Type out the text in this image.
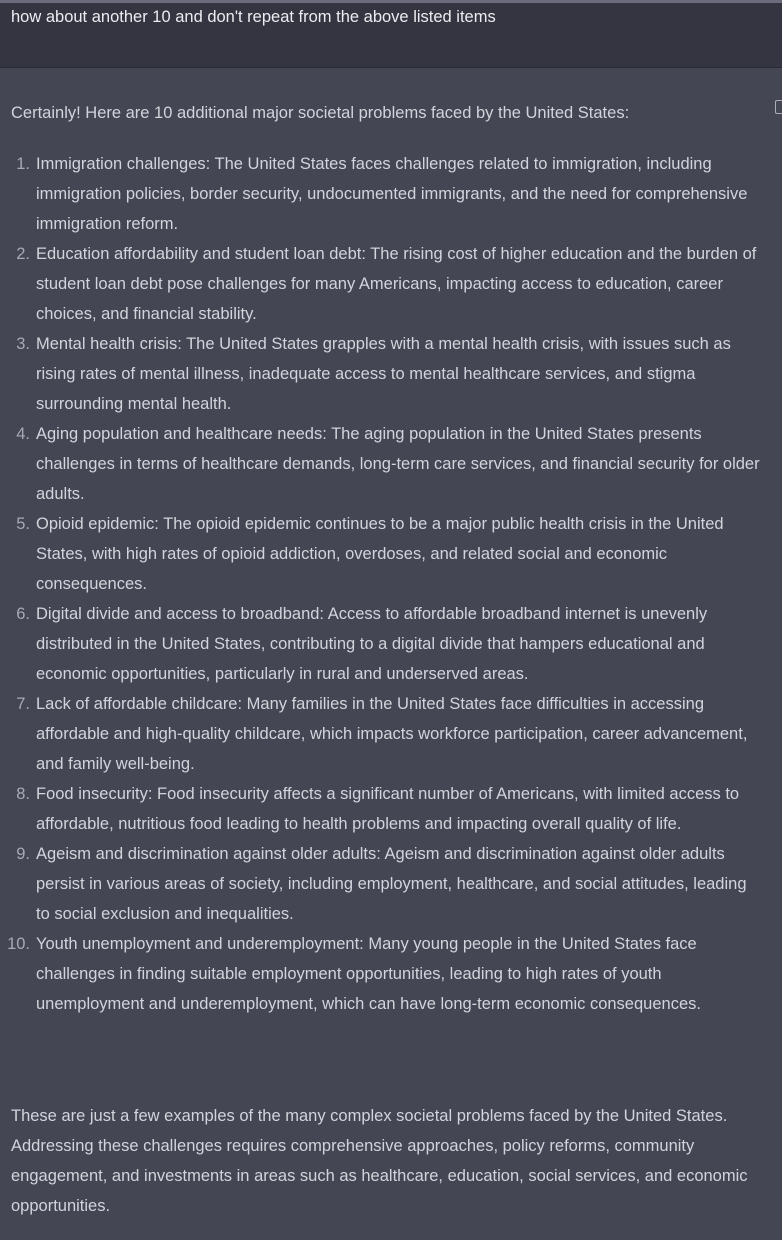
how about another 10 and don't repeat from the above listed items
Certainly! Here are 10 additional major societal problems faced by the United States:
1. Immigration challenges: The United States faces challenges related to immigration, including immigration policies, border security, undocumented immigrants, and the need for comprehensive immigration reform.
2. Education affordability and student loan debt: The rising cost of higher education and the burden of student loan debt pose challenges for many Americans, impacting access to education, career choices, and financial stability.
3. Mental health crisis: The United States grapples with a mental health crisis, with issues such as rising rates of mental illness, inadequate access to mental healthcare services, and stigma surrounding mental health.
4. Aging population and healthcare needs: The aging population in the United States presents challenges in terms of healthcare demands, long-term care services, and financial security for older adults.
5. Opioid epidemic: The opioid epidemic continues to be a major public health crisis in the United States, with high rates of opioid addiction, overdoses, and related social and economic consequences.
6. Digital divide and access to broadband: Access to affordable broadband internet is unevenly distributed in the United States, contributing to a digital divide that hampers educational and economic opportunities, particularly in rural and underserved areas.
7. Lack of affordable childcare: Many families in the United States face difficulties in accessing affordable and high-quality childcare, which impacts workforce participation, career advancement, and family well-being.
8. Food insecurity: Food insecurity affects a significant number of Americans, with limited access to affordable, nutritious food leading to health problems and impacting overall quality of life.
9. Ageism and discrimination against older adults: Ageism and discrimination against older adults persist in various areas of society, including employment, healthcare, and social attitudes, leading to social exclusion and inequalities.
10. Youth unemployment and underemployment: Many young people in the United States face challenges in finding suitable employment opportunities, leading to high rates of youth unemployment and underemployment, which can have long-term economic consequences.
These are just a few examples of the many complex societal problems faced by the United States. Addressing these challenges requires comprehensive approaches, policy reforms, community engagement, and investments in areas such as healthcare, education, social services, and economic opportunities.
